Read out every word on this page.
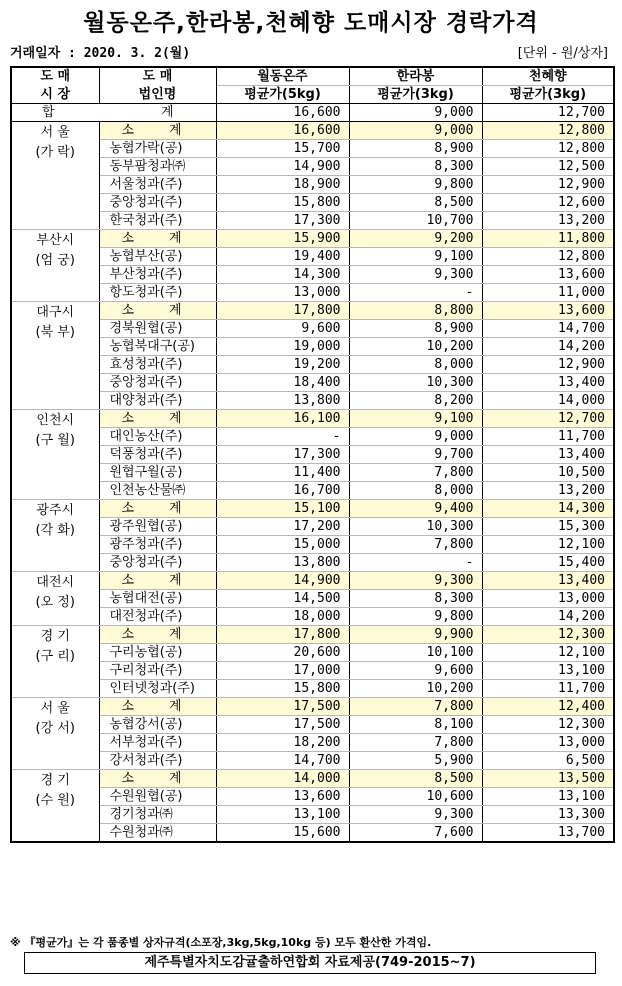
월동온주,한라봉,천혜향 도매시장 경락가격
거래일자 : 2020. 3. 2(월)	[단위 - 원/상자]
도 매	도 매	월동온주	한라봉	천혜향
시 장	법인명	평균가(5kg)	평균가(3kg)	평균가(3kg)

합 계		16,600	9,000	12,700

서 울
(가 락)	소 계	16,600	9,000	12,800
	농협가락(공)	15,700	8,900	12,800
	동부팜청과㈜	14,900	8,300	12,500
	서울청과(주)	18,900	9,800	12,900
	중앙청과(주)	15,800	8,500	12,600
	한국청과(주)	17,300	10,700	13,200

부산시
(엄 궁)	소 계	15,900	9,200	11,800
	농협부산(공)	19,400	9,100	12,800
	부산청과(주)	14,300	9,300	13,600
	항도청과(주)	13,000	-	11,000

대구시
(북 부)	소 계	17,800	8,800	13,600
	경북원협(공)	9,600	8,900	14,700
	농협북대구(공)	19,000	10,200	14,200
	효성청과(주)	19,200	8,000	12,900
	중앙청과(주)	18,400	10,300	13,400
	대양청과(주)	13,800	8,200	14,000

인천시
(구 월)	소 계	16,100	9,100	12,700
	대인농산(주)	-	9,000	11,700
	덕풍청과(주)	17,300	9,700	13,400
	원협구월(공)	11,400	7,800	10,500
	인천농산물㈜	16,700	8,000	13,200

광주시
(각 화)	소 계	15,100	9,400	14,300
	광주원협(공)	17,200	10,300	15,300
	광주청과(주)	15,000	7,800	12,100
	중앙청과(주)	13,800	-	15,400

대전시
(오 정)	소 계	14,900	9,300	13,400
	농협대전(공)	14,500	8,300	13,000
	대전청과(주)	18,000	9,800	14,200

경 기
(구 리)	소 계	17,800	9,900	12,300
	구리농협(공)	20,600	10,100	12,100
	구리청과(주)	17,000	9,600	13,100
	인터넷청과(주)	15,800	10,200	11,700

서 울
(강 서)	소 계	17,500	7,800	12,400
	농협강서(공)	17,500	8,100	12,300
	서부청과(주)	18,200	7,800	13,000
	강서청과(주)	14,700	5,900	6,500

경 기
(수 원)	소 계	14,000	8,500	13,500
	수원원협(공)	13,600	10,600	13,100
	경기청과㈜	13,100	9,300	13,300
	수원청과㈜	15,600	7,600	13,700
※ 『평균가』는 각 품종별 상자규격(소포장,3kg,5kg,10kg 등) 모두 환산한 가격임.
제주특별자치도감귤출하연합회 자료제공(749-2015~7)
